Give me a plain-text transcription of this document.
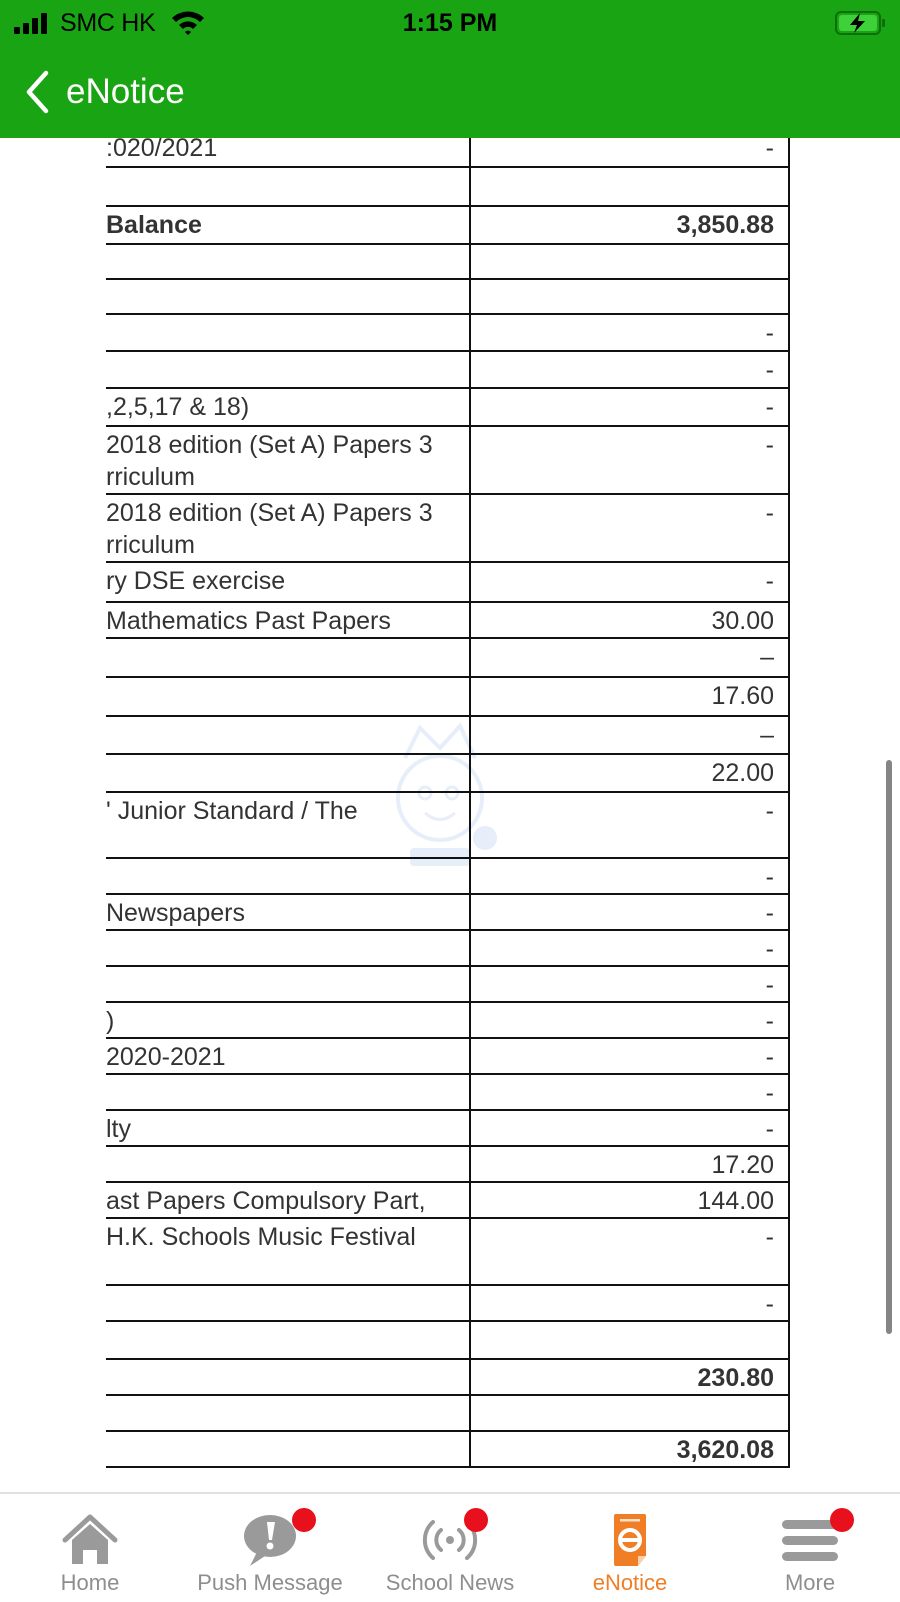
SMC HK	1:15 PM
eNotice
:020/2021	-

Balance	3,850.88

	-

	-

,2,5,17 & 18)	-

2018 edition (Set A) Papers 3
rriculum	-

2018 edition (Set A) Papers 3
rriculum	-

ry DSE exercise	-

Mathematics Past Papers	30.00

	–

	17.60

	–

	22.00

' Junior Standard / The	-

	-

Newspapers	-

	-

	-

)	-

2020-2021	-

	-

lty	-

	17.20

ast Papers Compulsory Part,	144.00

H.K. Schools Music Festival	-

	-

	230.80

	3,620.08
Home	Push Message	School News	eNotice	More
